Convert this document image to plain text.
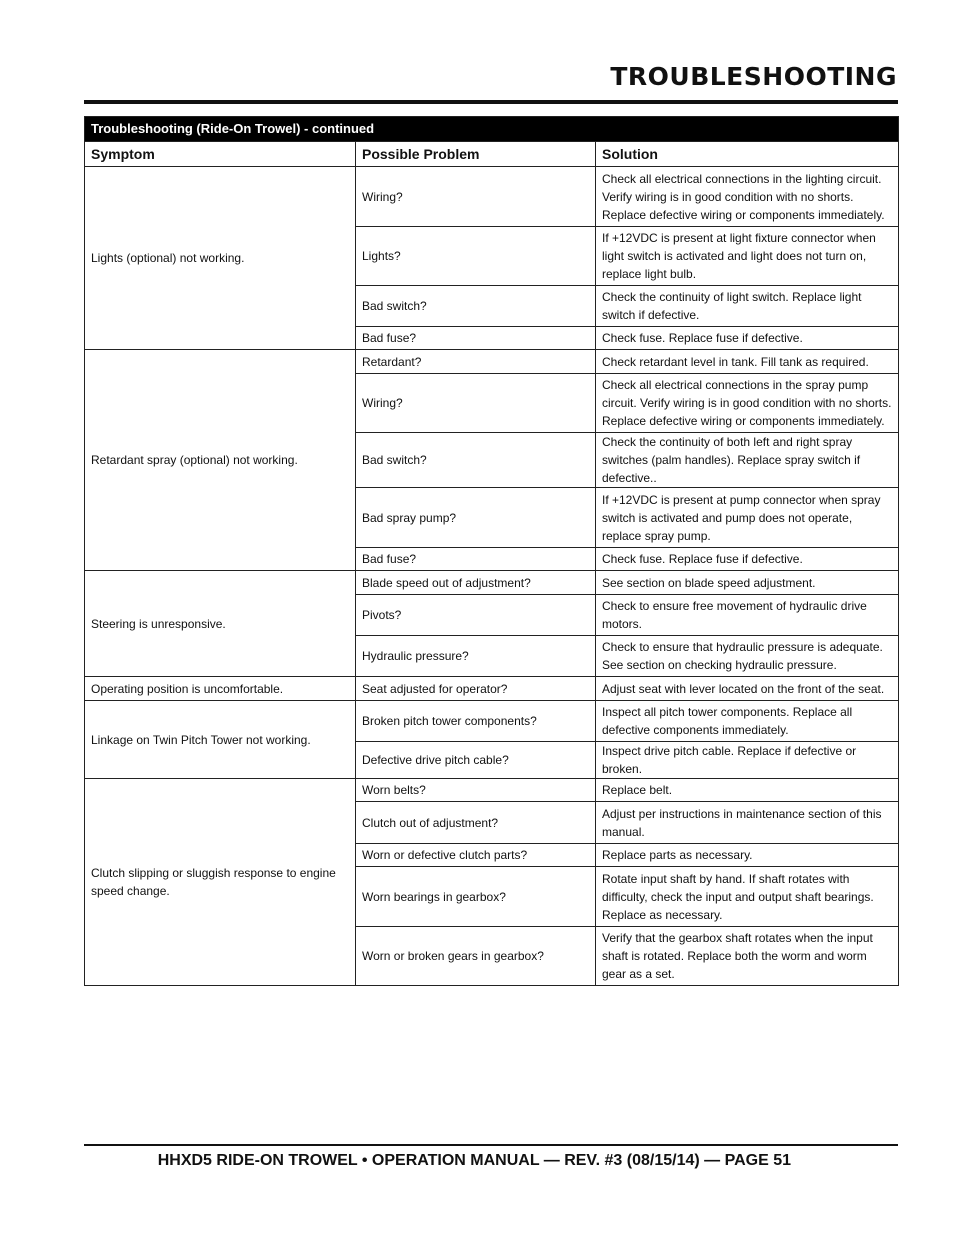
TROUBLESHOOTING
Troubleshooting (Ride-On Trowel) - continued		
Symptom	Possible Problem	Solution
Lights (optional) not working.	Wiring?	Check all electrical connections in the lighting circuit. Verify wiring is in good condition with no shorts. Replace defective wiring or components immediately.
	Lights?	If +12VDC is present at light fixture connector when light switch is activated and light does not turn on, replace light bulb.
	Bad switch?	Check the continuity of light switch. Replace light switch if defective.
	Bad fuse?	Check fuse. Replace fuse if defective.
Retardant spray (optional) not working.	Retardant?	Check retardant level in tank. Fill tank as required.
	Wiring?	Check all electrical connections in the spray pump circuit. Verify wiring is in good condition with no shorts. Replace defective wiring or components immediately.
	Bad switch?	Check the continuity of both left and right spray switches (palm handles). Replace spray switch if defective..
	Bad spray pump?	If +12VDC is present at pump connector when spray switch is activated and pump does not operate, replace spray pump.
	Bad fuse?	Check fuse. Replace fuse if defective.
Steering is unresponsive.	Blade speed out of adjustment?	See section on blade speed adjustment.
	Pivots?	Check to ensure free movement of hydraulic drive motors.
	Hydraulic pressure?	Check to ensure that hydraulic pressure is adequate. See section on checking hydraulic pressure.
Operating position is uncomfortable.	Seat adjusted for operator?	Adjust seat with lever located on the front of the seat.
Linkage on Twin Pitch Tower not working.	Broken pitch tower components?	Inspect all pitch tower components. Replace all defective components immediately.
	Defective drive pitch cable?	Inspect drive pitch cable. Replace if defective or broken.
Clutch slipping or sluggish response to engine speed change.	Worn belts?	Replace belt.
	Clutch out of adjustment?	Adjust per instructions in maintenance section of this manual.
	Worn or defective clutch parts?	Replace parts as necessary.
	Worn bearings in gearbox?	Rotate input shaft by hand. If shaft rotates with difficulty, check the input and output shaft bearings. Replace as necessary.
	Worn or broken gears in gearbox?	Verify that the gearbox shaft rotates when the input shaft is rotated. Replace both the worm and worm gear as a set.
HHXD5 RIDE-ON TROWEL • OPERATION MANUAL — REV. #3 (08/15/14) — PAGE 51
